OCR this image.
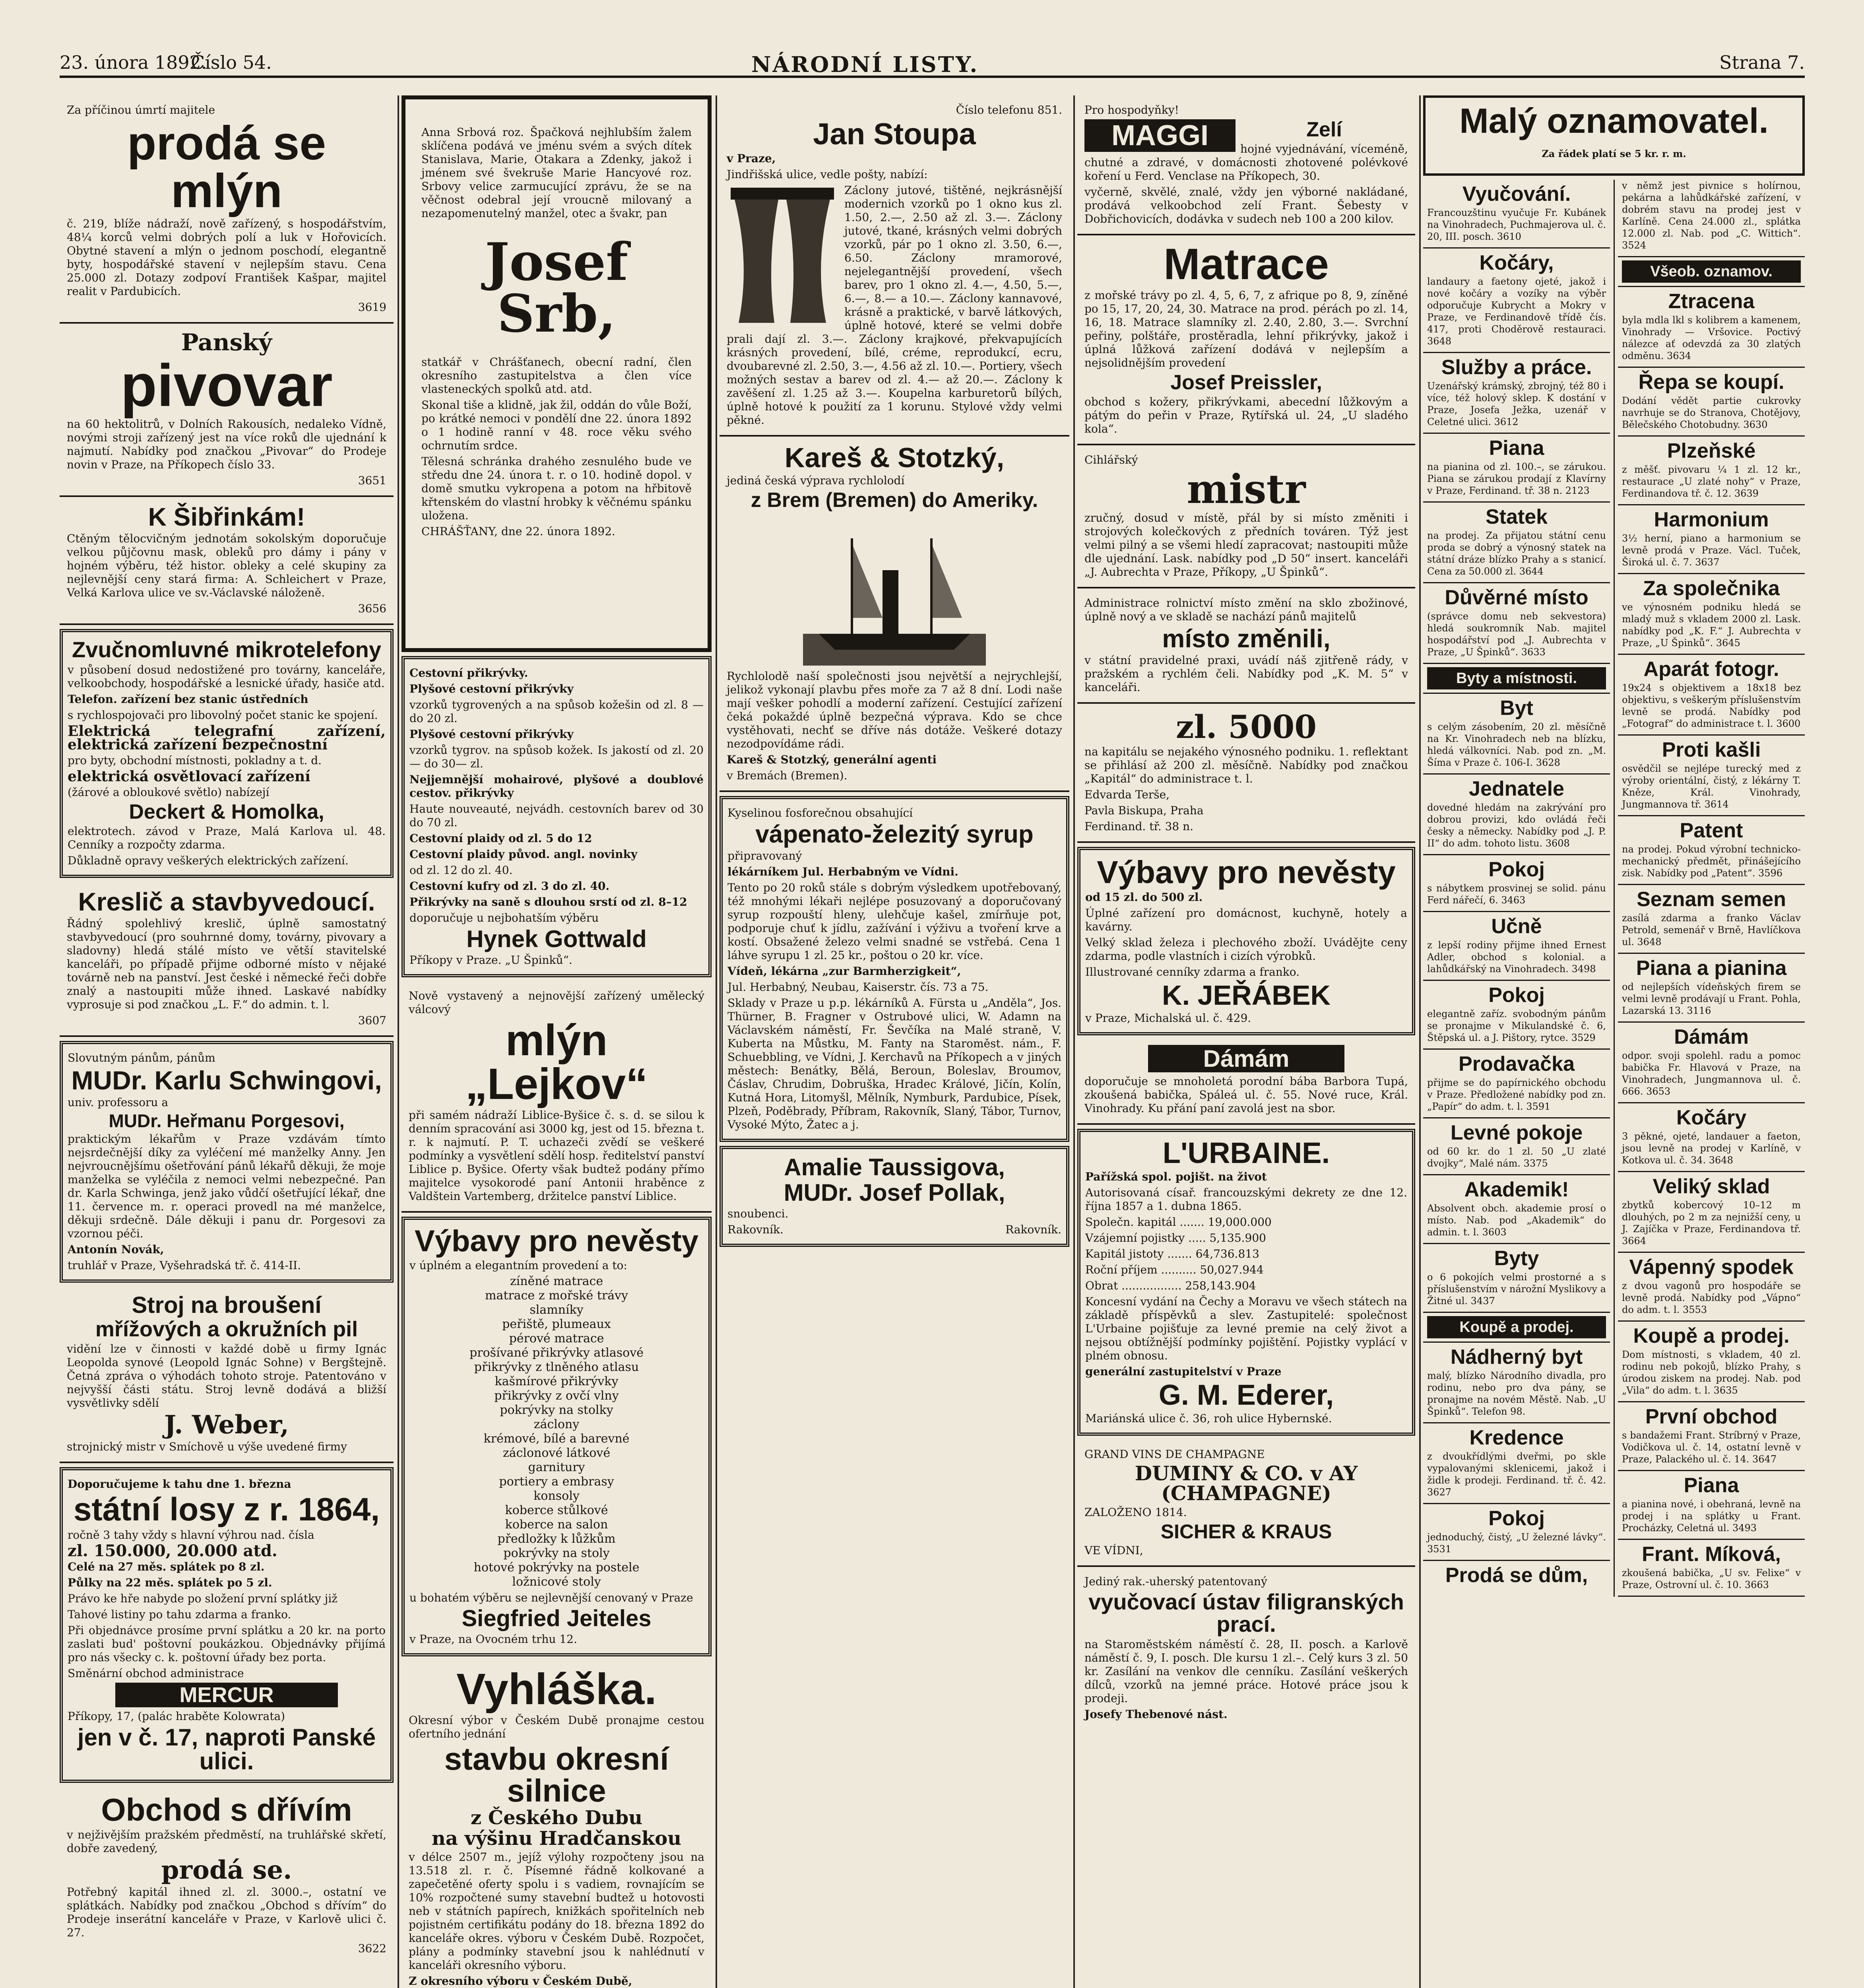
23. února 1892.
Číslo 54.	NÁRODNÍ LISTY.	Strana 7.

Za příčinou úmrtí majitele

prodá se mlýn

č. 219, blíže nádraží, nově zařízený, s hospodářstvím, 48¼ korců velmi dobrých polí a luk v Hořovicích. Obytné stavení a mlýn o jednom poschodí, elegantně byty, hospodářské stavení v nejlepším stavu. Cena 25.000 zl. Dotazy zodpoví František Kašpar, majitel realit v Pardubicích.

3619

Panský
pivovar

na 60 hektolitrů, v Dolních Rakousích, nedaleko Vídně, novými stroji zařízený jest na více roků dle ujednání k najmutí. Nabídky pod značkou „Pivovar“ do Prodeje novin v Praze, na Příkopech číslo 33.

3651

K Šibřinkám!

Ctěným tělocvičným jednotám sokolským doporučuje velkou půjčovnu mask, obleků pro dámy i pány v hojném výběru, též histor. obleky a celé skupiny za nejlevnější ceny stará firma: A. Schleichert v Praze, Velká Karlova ulice ve sv.-Václavské náloženě.

3656

Zvučnomluvné mikrotelefony

v působení dosud nedostižené pro továrny, kanceláře, velkoobchody, hospodářské a lesnické úřady, hasiče atd.

Telefon. zařízení bez stanic ústředních

s rychlospojovači pro libovolný počet stanic ke spojení.

Elektrická telegrafní zařízení, elektrická zařízení bezpečnostní

pro byty, obchodní místnosti, pokladny a t. d.

elektrická osvětlovací zařízení

(žárové a obloukové světlo) nabízejí

Deckert & Homolka,

elektrotech. závod v Praze, Malá Karlova ul. 48. Cenníky a rozpočty zdarma.

Důkladně opravy veškerých elektrických zařízení.

Kreslič a stavbyvedoucí.

Řádný spolehlivý kreslič, úplně samostatný stavbyvedoucí (pro souhrnné domy, továrny, pivovary a sladovny) hledá stálé místo ve větší stavitelské kanceláři, po případě přijme odborné místo v nějaké továrně neb na panství. Jest české i německé řeči dobře znalý a nastoupiti může ihned. Laskavé nabídky vyprosuje si pod značkou „L. F.“ do admin. t. l.

3607

Slovutným pánům, pánům

MUDr. Karlu Schwingovi,

univ. professoru a

MUDr. Heřmanu Porgesovi,

praktickým lékařům v Praze vzdávám tímto nejsrdečnější díky za vyléčení mé manželky Anny. Jen nejvroucnějšímu ošetřování pánů lékařů děkuji, že moje manželka se vyléčila z nemoci velmi nebezpečné. Pan dr. Karla Schwinga, jenž jako vůdčí ošetřující lékař, dne 11. července m. r. operaci provedl na mé manželce, děkuji srdečně. Dále děkuji i panu dr. Porgesovi za vzornou péči.

Antonín Novák,

truhlář v Praze, Vyšehradská tř. č. 414-II.

Stroj na broušení
mřížových a okružních pil

vidění lze v činnosti v každé době u firmy Ignác Leopolda synové (Leopold Ignác Sohne) v Bergštejně. Četná zpráva o výhodách tohoto stroje. Patentováno v nejvyšší části státu. Stroj levně dodává a bližší vysvětlivky sdělí

J. Weber,

strojnický mistr v Smíchově u výše uvedené firmy

Doporučujeme k tahu dne 1. března

státní losy z r. 1864,

ročně 3 tahy vždy s hlavní výhrou nad. čísla

zl. 150.000, 20.000 atd.

Celé na 27 měs. splátek po 8 zl.

Půlky na 22 měs. splátek po 5 zl.

Právo ke hře nabyde po složení první splátky již

Tahové listiny po tahu zdarma a franko.

Při objednávce prosíme první splátku a 20 kr. na porto zaslati bud' poštovní poukázkou. Objednávky přijímá pro nás všecky c. k. poštovní úřady bez porta.

Směnární obchod administrace

MERCUR

Příkopy, 17, (palác hraběte Kolowrata)

jen v č. 17, naproti Panské ulici.
Obchod s dřívím

v nejživějším pražském předměstí, na truhlářské skřetí, dobře zavedený,

prodá se.

Potřebný kapitál ihned zl. zl. 3000.–, ostatní ve splátkách. Nabídky pod značkou „Obchod s dřívím“ do Prodeje inserátní kanceláře v Praze, v Karlově ulici č. 27.

3622

Anna Srbová roz. Špačková nejhlubším žalem sklíčena podává ve jménu svém a svých dítek Stanislava, Marie, Otakara a Zdenky, jakož i jménem své švekruše Marie Hancyové roz. Srbovy velice zarmucující zprávu, že se na věčnost odebral její vroucně milovaný a nezapomenutelný manžel, otec a švakr, pan

Josef Srb,

statkář v Chrášťanech, obecní radní, člen okresního zastupitelstva a člen více vlasteneckých spolků atd. atd.

Skonal tiše a klidně, jak žil, oddán do vůle Boží, po krátké nemoci v pondělí dne 22. února 1892 o 1 hodině ranní v 48. roce věku svého ochrnutím srdce.

Tělesná schránka drahého zesnulého bude ve středu dne 24. února t. r. o 10. hodině dopol. v domě smutku vykropena a potom na hřbitově křtenském do vlastní hrobky k věčnému spánku uložena.

CHRÁŠŤANY, dne 22. února 1892.

Cestovní přikrývky.

Plyšové cestovní přikrývky

vzorků tygrovených a na spůsob kožešin od zl. 8 — do 20 zl.

Plyšové cestovní přikrývky

vzorků tygrov. na spůsob kožek. Is jakostí od zl. 20— do 30— zl.

Nejjemnější mohairové, plyšové a doublové cestov. přikrývky

Haute nouveauté, nejvádh. cestovních barev od 30 do 70 zl.

Cestovní plaidy od zl. 5 do 12

Cestovní plaidy původ. angl. novinky

od zl. 12 do zl. 40.

Cestovní kufry od zl. 3 do zl. 40.

Přikrývky na saně s dlouhou srstí od zl. 8–12

doporučuje u nejbohatším výběru

Hynek Gottwald

Příkopy v Praze. „U Špinků“.

Nově vystavený a nejnovější zařízený umělecký válcový

mlýn „Lejkov“

při samém nádraží Liblice-Byšice č. s. d. se silou k denním spracování asi 3000 kg, jest od 15. března t. r. k najmutí. P. T. uchazeči zvědí se veškeré podmínky a vysvětlení sdělí hosp. ředitelství panství Liblice p. Byšice. Oferty však budtež podány přímo majitelce vysokorodé paní Antonii hraběnce z Valdštein Vartemberg, držitelce panství Liblice.

Výbavy pro nevěsty

v úplném a elegantním provedení a to:

zíněné matrace

matrace z mořské trávy

slamníky

peřiště, plumeaux

pérové matrace

prošívané přikrývky atlasové

přikrývky z tlněného atlasu

kašmírové přikrývky

přikrývky z ovčí vlny

pokrývky na stolky

záclony

krémové, bílé a barevné

záclonové látkové

garnitury

portiery a embrasy

konsoly

koberce stůlkové

koberce na salon

předložky k lůžkům

pokrývky na stoly

hotové pokrývky na postele

ložnicové stoly

u bohatém výběru se nejlevnější cenovaný v Praze

Siegfried Jeiteles

v Praze, na Ovocném trhu 12.

Vyhláška.

Okresní výbor v Českém Dubě pronajme cestou ofertního jednání

stavbu okresní silnice
z Českého Dubu
na výšinu Hradčanskou

v délce 2507 m., jejíž výlohy rozpočteny jsou na 13.518 zl. r. č. Písemné řádně kolkované a zapečetěné oferty spolu i s vadiem, rovnajícím se 10% rozpočtené sumy stavební budtež u hotovosti neb v státních papírech, knižkách spořitelních neb pojistném certifikátu podány do 18. března 1892 do kanceláře okres. výboru v Českém Dubě. Rozpočet, plány a podmínky stavební jsou k nahlédnutí v kanceláři okresního výboru.

Z okresního výboru v Českém Dubě,

Číslo telefonu 851.

Jan Stoupa

v Praze,

Jindřišská ulice, vedle pošty, nabízí:

Záclony jutové, tištěné, nejkrásnější modernich vzorků po 1 okno kus zl. 1.50, 2.—, 2.50 až zl. 3.—. Záclony jutové, tkané, krásných velmi dobrých vzorků, pár po 1 okno zl. 3.50, 6.—, 6.50. Záclony mramorové, nejelegantnější provedení, všech barev, pro 1 okno zl. 4.—, 4.50, 5.—, 6.—, 8.— a 10.—. Záclony kannavové, krásně a praktické, v barvě látkových, úplně hotové, které se velmi dobře prali dají zl. 3.—. Záclony krajkové, překvapujících krásných provedení, bílé, créme, reprodukcí, ecru, dvoubarevné zl. 2.50, 3.—, 4.56 až zl. 10.—. Portiery, všech možných sestav a barev od zl. 4.— až 20.—. Záclony k zavěšení zl. 1.25 až 3.—. Koupelna karburetorů bílých, úplně hotové k použití za 1 korunu. Stylové vždy velmi pěkné.

Kareš & Stotzký,

jediná česká výprava rychlolodí

z Brem (Bremen) do Ameriky.

Rychlolodě naší společnosti jsou největší a nejrychlejší, jelikož vykonají plavbu přes moře za 7 až 8 dní. Lodi naše mají vešker pohodlí a moderní zařízení. Cestující zařízení čeká pokaždé úplně bezpečná výprava. Kdo se chce vystěhovati, nechť se dříve nás dotáže. Veškeré dotazy nezodpovídáme rádi.

Kareš & Stotzký, generální agenti

v Bremách (Bremen).

Kyselinou fosforečnou obsahující

vápenato-železitý syrup

připravovaný

lékárníkem Jul. Herbabným ve Vídni.

Tento po 20 roků stále s dobrým výsledkem upotřebovaný, též mnohými lékaři nejlépe posuzovaný a doporučovaný syrup rozpouští hleny, ulehčuje kašel, zmírňuje pot, podporuje chuť k jídlu, zažívání i výživu a tvoření krve a kostí. Obsažené železo velmi snadné se vstřebá. Cena 1 láhve syrupu 1 zl. 25 kr., poštou o 20 kr. více.

Vídeň, lékárna „zur Barmherzigkeit“,

Jul. Herbabný, Neubau, Kaiserstr. čís. 73 a 75.

Sklady v Praze u p.p. lékárníků A. Fürsta u „Anděla“, Jos. Thürner, B. Fragner v Ostrubové ulici, W. Adamn na Václavském náměstí, Fr. Ševčíka na Malé straně, V. Kuberta na Můstku, M. Fanty na Staroměst. nám., F. Schuebbling, ve Vídni, J. Kerchavů na Příkopech a v jiných městech: Benátky, Bělá, Beroun, Boleslav, Broumov, Čáslav, Chrudim, Dobruška, Hradec Králové, Jičín, Kolín, Kutná Hora, Litomyšl, Mělník, Nymburk, Pardubice, Písek, Plzeň, Poděbrady, Příbram, Rakovník, Slaný, Tábor, Turnov, Vysoké Mýto, Žatec a j.

Amalie Taussigova,
MUDr. Josef Pollak,

snoubenci.

Rakovník.	Rakovník.

Pro hospodyňky!

MAGGI	Zelí

hojné vyjednávání, víceméně, chutné a zdravé, v domácnosti zhotovené polévkové koření u Ferd. Venclase na Příkopech, 30.

vyčerně, skvělé, znalé, vždy jen výborné nakládané, prodává velkoobchod zelí Frant. Šebesty v Dobřichovicích, dodávka v sudech neb 100 a 200 kilov.

Matrace

z mořské trávy po zl. 4, 5, 6, 7, z afrique po 8, 9, zíněné po 15, 17, 20, 24, 30. Matrace na prod. pérách po zl. 14, 16, 18. Matrace slamníky zl. 2.40, 2.80, 3.—. Svrchní peřiny, polštáře, prostěradla, lehní přikrývky, jakož i úplná lůžková zařízení dodává v nejlepším a nejsolidnějším provedení

Josef Preissler,

obchod s kožery, přikrývkami, abecední lůžkovým a pátým do peřin v Praze, Rytířská ul. 24, „U sladého kola“.

Cihlářský

mistr

zručný, dosud v místě, přál by si místo změniti i strojových kolečkových z předních továren. Týž jest velmi pilný a se všemi hledí zapracovat; nastoupiti může dle ujednání. Lask. nabídky pod „D 50“ insert. kanceláři „J. Aubrechta v Praze, Příkopy, „U Špinků“.

Administrace rolnictví místo změní na sklo zbožinové, úplně nový a ve skladě se nachází pánů majitelů

místo změnili,

v státní pravidelné praxi, uvádí náš zjitřeně rády, v pražském a rychlém čeli. Nabídky pod „K. M. 5“ v kanceláři.

zl. 5000

na kapitálu se nejakého výnosného podniku. 1. reflektant se přihlásí až 200 zl. měsíčně. Nabídky pod značkou „Kapitál“ do administrace t. l.

Edvarda Terše,

Pavla Biskupa, Praha

Ferdinand. tř. 38 n.

Výbavy pro nevěsty

od 15 zl. do 500 zl.

Úplné zařízení pro domácnost, kuchyně, hotely a kavárny.

Velký sklad železa i plechového zboží. Uvádějte ceny zdarma, podle vlastních i cizích výrobků.

Illustrované cenníky zdarma a franko.

K. JEŘÁBEK

v Praze, Michalská ul. č. 429.

Dámám

doporučuje se mnoholetá porodní bába Barbora Tupá, zkoušená babička, Spáleá ul. č. 55. Nové ruce, Král. Vinohrady. Ku přání paní zavolá jest na sbor.

L'URBAINE.

Pařížská spol. pojišt. na život

Autorisovaná císař. francouzskými dekrety ze dne 12. října 1857 a 1. dubna 1865.

Společn. kapitál ....... 19,000.000

Vzájemní pojistky ..... 5,135.900

Kapitál jistoty ....... 64,736.813

Roční příjem .......... 50,027.944

Obrat ................. 258,143.904

Koncesní vydání na Čechy a Moravu ve všech státech na základě příspěvků a slev. Zastupitelé: společnost L'Urbaine pojišťuje za levné premie na celý život a nejsou obtížnější podmínky pojištění. Pojistky vyplácí v plném obnosu.

generální zastupitelství v Praze

G. M. Ederer,

Mariánská ulice č. 36, roh ulice Hybernské.

GRAND VINS DE CHAMPAGNE

DUMINY & CO. v AY (CHAMPAGNE)

ZALOŽENO 1814.

SICHER & KRAUS

VE VÍDNI,

Jediný rak.-uherský patentovaný

vyučovací ústav filigranských prací.

na Staroměstském náměstí č. 28, II. posch. a Karlově náměstí č. 9, I. posch. Dle kursu 1 zl.–. Celý kurs 3 zl. 50 kr. Zasílání na venkov dle cenníku. Zasílání veškerých dílců, vzorků na jemné práce. Hotové práce jsou k prodeji.

Josefy Thebenové nást.

Malý oznamovatel.

Za řádek platí se 5 kr. r. m.

Vyučování.

Francouzštinu vyučuje Fr. Kubánek na Vinohradech, Puchmajerova ul. č. 20, III. posch. 3610

Kočáry,

landaury a faetony ojeté, jakož i nové kočáry a vozíky na výběr odporučuje Kubrycht a Mokry v Praze, ve Ferdinandově třídě čís. 417, proti Choděrově restauraci. 3648

Služby a práce.

Uzenářský krámský, zbrojný, též 80 i více, též holový sklep. K dostání v Praze, Josefa Ježka, uzenář v Celetné ulici. 3612

Piana

na pianina od zl. 100.–, se zárukou. Piana se zárukou prodají z Klavírny v Praze, Ferdinand. tř. 38 n. 2123

Statek

na prodej. Za přijatou státní cenu proda se dobrý a výnosný statek na státní dráze blízko Prahy a s stanicí. Cena za 50.000 zl. 3644

Důvěrné místo

(správce domu neb sekvestora) hledá soukromník Nab. majitel hospodářství pod „J. Aubrechta v Praze, „U Špinků“. 3633

Byty a místnosti.
Byt

s celým zásobením, 20 zl. měsíčně na Kr. Vinohradech neb na blízku, hledá válkovníci. Nab. pod zn. „M. Šíma v Praze č. 106-I. 3628

Jednatele

dovedné hledám na zakrývání pro dobrou provizi, kdo ovládá řeči česky a německy. Nabídky pod „J. P. II“ do adm. tohoto listu. 3608

Pokoj

s nábytkem prosvinej se solid. pánu Ferd nářečí, 6. 3463

Učně

z lepší rodiny přijme ihned Ernest Adler, obchod s kolonial. a lahůdkářský na Vinohradech. 3498

Pokoj

elegantně zaříz. svobodným pánům se pronajme v Mikulandské č. 6, Štěpská ul. a J. Pištory, rytce. 3529

Prodavačka

přijme se do papírnického obchodu v Praze. Předložené nabídky pod zn. „Papír“ do adm. t. l. 3591

Levné pokoje

od 60 kr. do 1 zl. 50 „U zlaté dvojky“, Malé nám. 3375

Akademik!

Absolvent obch. akademie prosí o místo. Nab. pod „Akademik“ do admin. t. l. 3603

Byty

o 6 pokojích velmi prostorné a s příslušenstvím v nárožní Myslikovy a Žitné ul. 3437

Koupě a prodej.
Nádherný byt

malý, blízko Národního divadla, pro rodinu, nebo pro dva pány, se pronajme na novém Městě. Nab. „U Špinků“. Telefon 98.

Kredence

z dvoukřídlými dveřmi, po skle vypalovanými sklenicemi, jakož i židle k prodeji. Ferdinand. tř. č. 42. 3627

Pokoj

jednoduchý, čistý, „U železné lávky“. 3531

Prodá se dům,

v němž jest pivnice s holírnou, pekárna a lahůdkářské zařízení, v dobrém stavu na prodej jest v Karlíně. Cena 24.000 zl., splátka 12.000 zl. Nab. pod „C. Wittich“. 3524

Všeob. oznamov.
Ztracena

byla mdla lkl s kolibrem a kamenem, Vinohrady — Vršovice. Poctivý nálezce ať odevzdá za 30 zlatých odměnu. 3634

Řepa se koupí.

Dodání vědět partie cukrovky navrhuje se do Stranova, Chotějovy, Bělečského Chotobudny. 3630

Plzeňské

z měšť. pivovaru ¼ 1 zl. 12 kr., restaurace „U zlaté nohy“ v Praze, Ferdinandova tř. č. 12. 3639

Harmonium

3½ herní, piano a harmonium se levně prodá v Praze. Václ. Tuček, Široká ul. č. 7. 3637

Za společnika

ve výnosném podniku hledá se mladý muž s vkladem 2000 zl. Lask. nabídky pod „K. F.“ J. Aubrechta v Praze, „U Špinků“. 3645

Aparát fotogr.

19x24 s objektivem a 18x18 bez objektivu, s veškerým příslušenstvím levně se prodá. Nabídky pod „Fotograf“ do administrace t. l. 3600

Proti kašli

osvědčil se nejlépe turecký med z výroby orientální, čistý, z lékárny T. Kněze, Král. Vinohrady, Jungmannova tř. 3614

Patent

na prodej. Pokud výrobní technicko-mechanický předmět, přinášejícího zisk. Nabídky pod „Patent“. 3596

Seznam semen

zasílá zdarma a franko Václav Petrold, semenář v Brně, Havlíčkova ul. 3648

Piana a pianina

od nejlepších vídeňských firem se velmi levně prodávají u Frant. Pohla, Lazarská 13. 3116

Dámám

odpor. svoji spolehl. radu a pomoc babička Fr. Hlavová v Praze, na Vinohradech, Jungmannova ul. č. 666. 3653

Kočáry

3 pěkné, ojeté, landauer a faeton, jsou levně na prodej v Karlíně, v Kotkova ul. č. 34. 3648

Veliký sklad

zbytků kobercový 10–12 m dlouhých, po 2 m za nejnižší ceny, u J. Zajíčka v Praze, Ferdinandova tř. 3664

Vápenný spodek

z dvou vagonů pro hospodáře se levně prodá. Nabídky pod „Vápno“ do adm. t. l. 3553

Koupě a prodej.

Dom místnosti, s vkladem, 40 zl. rodinu neb pokojů, blízko Prahy, s úrodou ziskem na prodej. Nab. pod „Vila“ do adm. t. l. 3635

První obchod

s bandažemi Frant. Stríbrný v Praze, Vodičkova ul. č. 14, ostatní levně v Praze, Palackého ul. č. 14. 3647

Piana

a pianina nové, i obehraná, levně na prodej i na splátky u Frant. Procházky, Celetná ul. 3493

Frant. Míková,

zkoušená babička, „U sv. Felixe“ v Praze, Ostrovní ul. č. 10. 3663
